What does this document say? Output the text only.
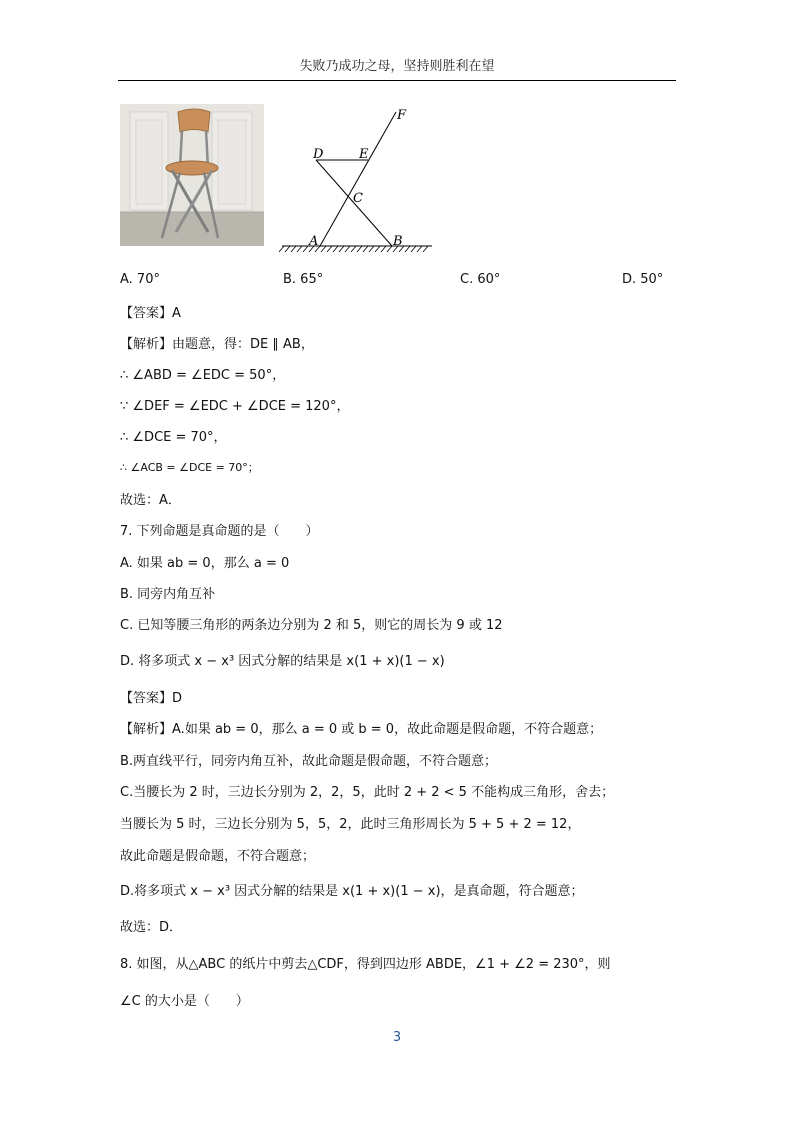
失败乃成功之母，坚持则胜利在望
F
D	E
C
A	B
A. 70°	B. 65°	C. 60°	D. 50°
【答案】A
【解析】由题意，得：DE ∥ AB，
∴ ∠ABD = ∠EDC = 50°，
∵ ∠DEF = ∠EDC + ∠DCE = 120°，
∴ ∠DCE = 70°，
∴ ∠ACB = ∠DCE = 70°；
故选：A．
7. 下列命题是真命题的是（　　）
A. 如果 ab = 0，那么 a = 0
B. 同旁内角互补
C. 已知等腰三角形的两条边分别为 2 和 5，则它的周长为 9 或 12
D. 将多项式 x − x³ 因式分解的结果是 x(1 + x)(1 − x)
【答案】D
【解析】A.如果 ab = 0，那么 a = 0 或 b = 0，故此命题是假命题，不符合题意；
B.两直线平行，同旁内角互补，故此命题是假命题，不符合题意；
C.当腰长为 2 时，三边长分别为 2，2，5，此时 2 + 2 < 5 不能构成三角形，舍去；
当腰长为 5 时，三边长分别为 5，5，2，此时三角形周长为 5 + 5 + 2 = 12，
故此命题是假命题，不符合题意；
D.将多项式 x − x³ 因式分解的结果是 x(1 + x)(1 − x)，是真命题，符合题意；
故选：D．
8. 如图，从△ABC 的纸片中剪去△CDF，得到四边形 ABDE，∠1 + ∠2 = 230°，则
∠C 的大小是（　　）
3
